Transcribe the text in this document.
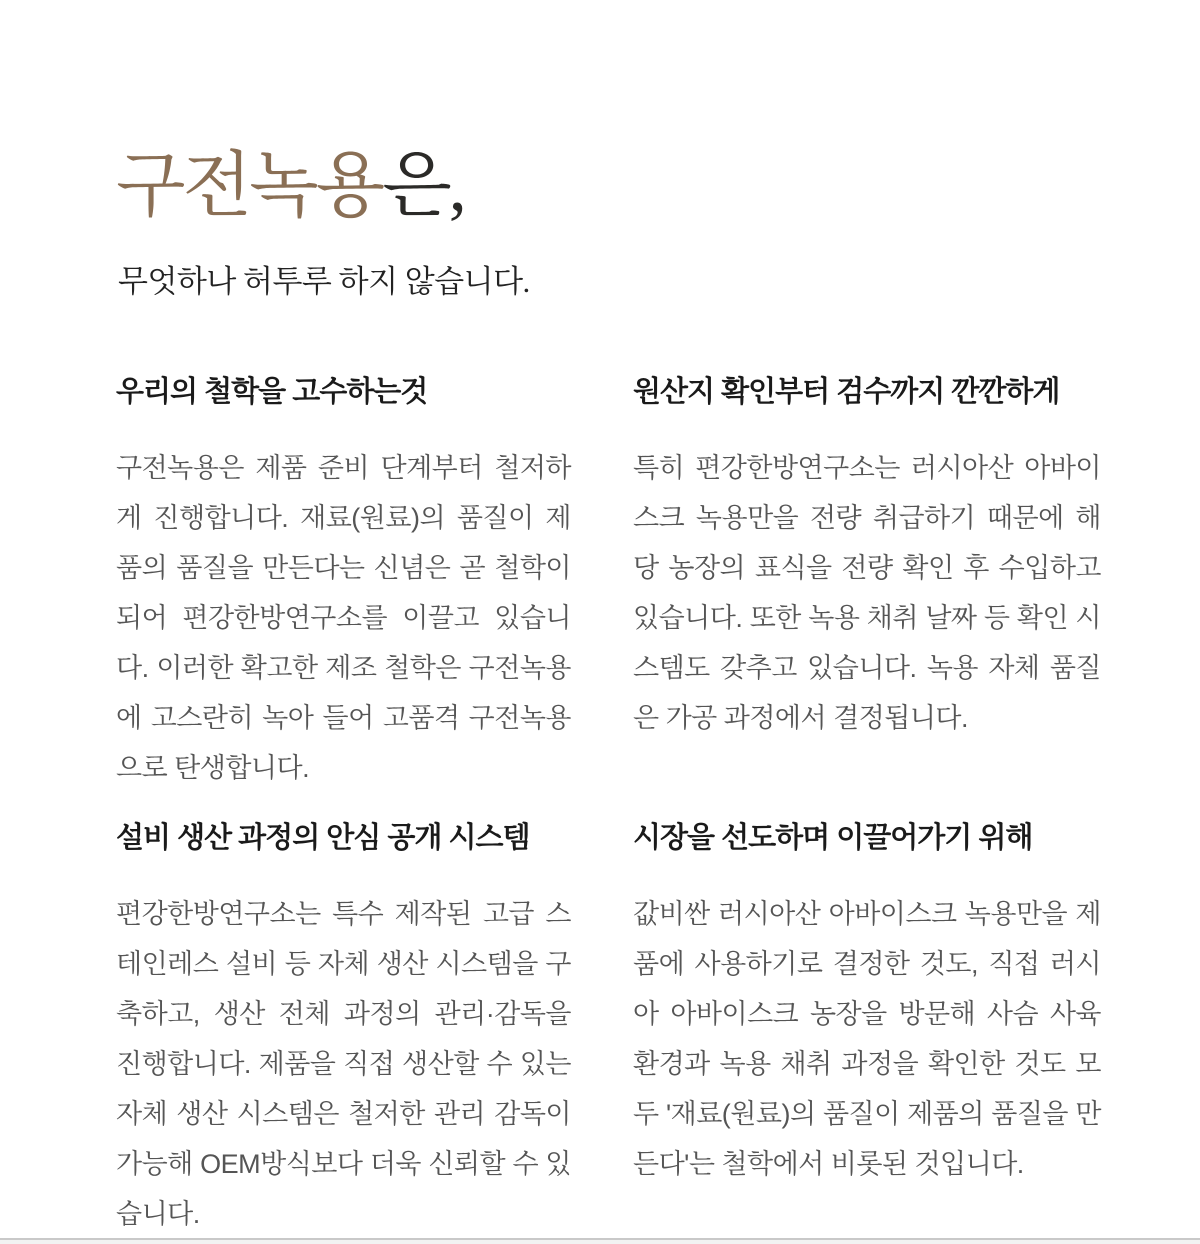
구전녹용은,

무엇하나 허투루 하지 않습니다.

우리의 철학을 고수하는것

구전녹용은 제품 준비 단계부터 철저하게 진행합니다. 재료(원료)의 품질이 제품의 품질을 만든다는 신념은 곧 철학이 되어 편강한방연구소를 이끌고 있습니다. 이러한 확고한 제조 철학은 구전녹용에 고스란히 녹아 들어 고품격 구전녹용으로 탄생합니다.

원산지 확인부터 검수까지 깐깐하게

특히 편강한방연구소는 러시아산 아바이스크 녹용만을 전량 취급하기 때문에 해당 농장의 표식을 전량 확인 후 수입하고 있습니다. 또한 녹용 채취 날짜 등 확인 시스템도 갖추고 있습니다. 녹용 자체 품질은 가공 과정에서 결정됩니다.

설비 생산 과정의 안심 공개 시스템

편강한방연구소는 특수 제작된 고급 스테인레스 설비 등 자체 생산 시스템을 구축하고, 생산 전체 과정의 관리·감독을 진행합니다. 제품을 직접 생산할 수 있는 자체 생산 시스템은 철저한 관리 감독이 가능해 OEM방식보다 더욱 신뢰할 수 있습니다.

시장을 선도하며 이끌어가기 위해

값비싼 러시아산 아바이스크 녹용만을 제품에 사용하기로 결정한 것도, 직접 러시아 아바이스크 농장을 방문해 사슴 사육 환경과 녹용 채취 과정을 확인한 것도 모두 '재료(원료)의 품질이 제품의 품질을 만든다'는 철학에서 비롯된 것입니다.
